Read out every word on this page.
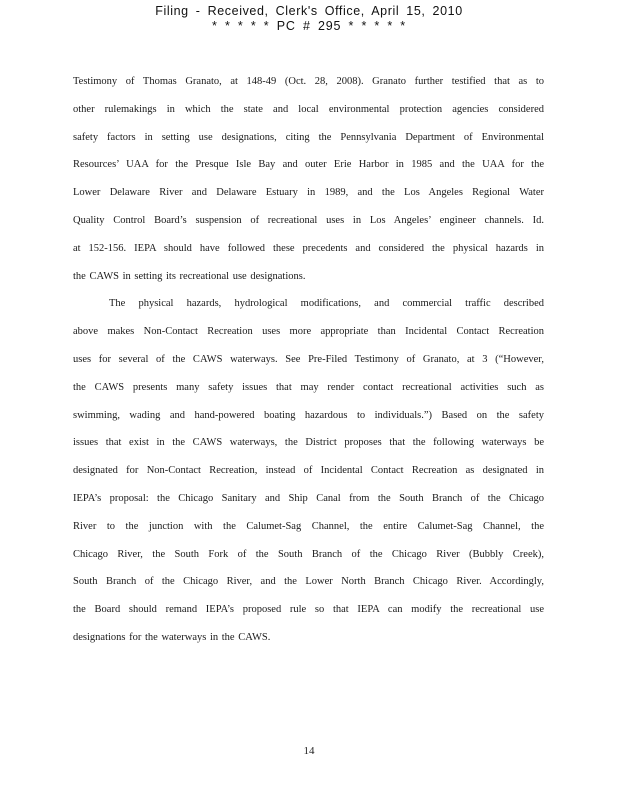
Filing - Received, Clerk's Office, April 15, 2010
* * * * * PC # 295 * * * * *
Testimony of Thomas Granato, at 148-49 (Oct. 28, 2008). Granato further testified that as to
other rulemakings in which the state and local environmental protection agencies considered
safety factors in setting use designations, citing the Pennsylvania Department of Environmental
Resources’ UAA for the Presque Isle Bay and outer Erie Harbor in 1985 and the UAA for the
Lower Delaware River and Delaware Estuary in 1989, and the Los Angeles Regional Water
Quality Control Board’s suspension of recreational uses in Los Angeles’ engineer channels. Id.
at 152-156. IEPA should have followed these precedents and considered the physical hazards in
the CAWS in setting its recreational use designations.
The physical hazards, hydrological modifications, and commercial traffic described
above makes Non-Contact Recreation uses more appropriate than Incidental Contact Recreation
uses for several of the CAWS waterways. See Pre-Filed Testimony of Granato, at 3 (“However,
the CAWS presents many safety issues that may render contact recreational activities such as
swimming, wading and hand-powered boating hazardous to individuals.”) Based on the safety
issues that exist in the CAWS waterways, the District proposes that the following waterways be
designated for Non-Contact Recreation, instead of Incidental Contact Recreation as designated in
IEPA’s proposal: the Chicago Sanitary and Ship Canal from the South Branch of the Chicago
River to the junction with the Calumet-Sag Channel, the entire Calumet-Sag Channel, the
Chicago River, the South Fork of the South Branch of the Chicago River (Bubbly Creek),
South Branch of the Chicago River, and the Lower North Branch Chicago River. Accordingly,
the Board should remand IEPA’s proposed rule so that IEPA can modify the recreational use
designations for the waterways in the CAWS.
14
